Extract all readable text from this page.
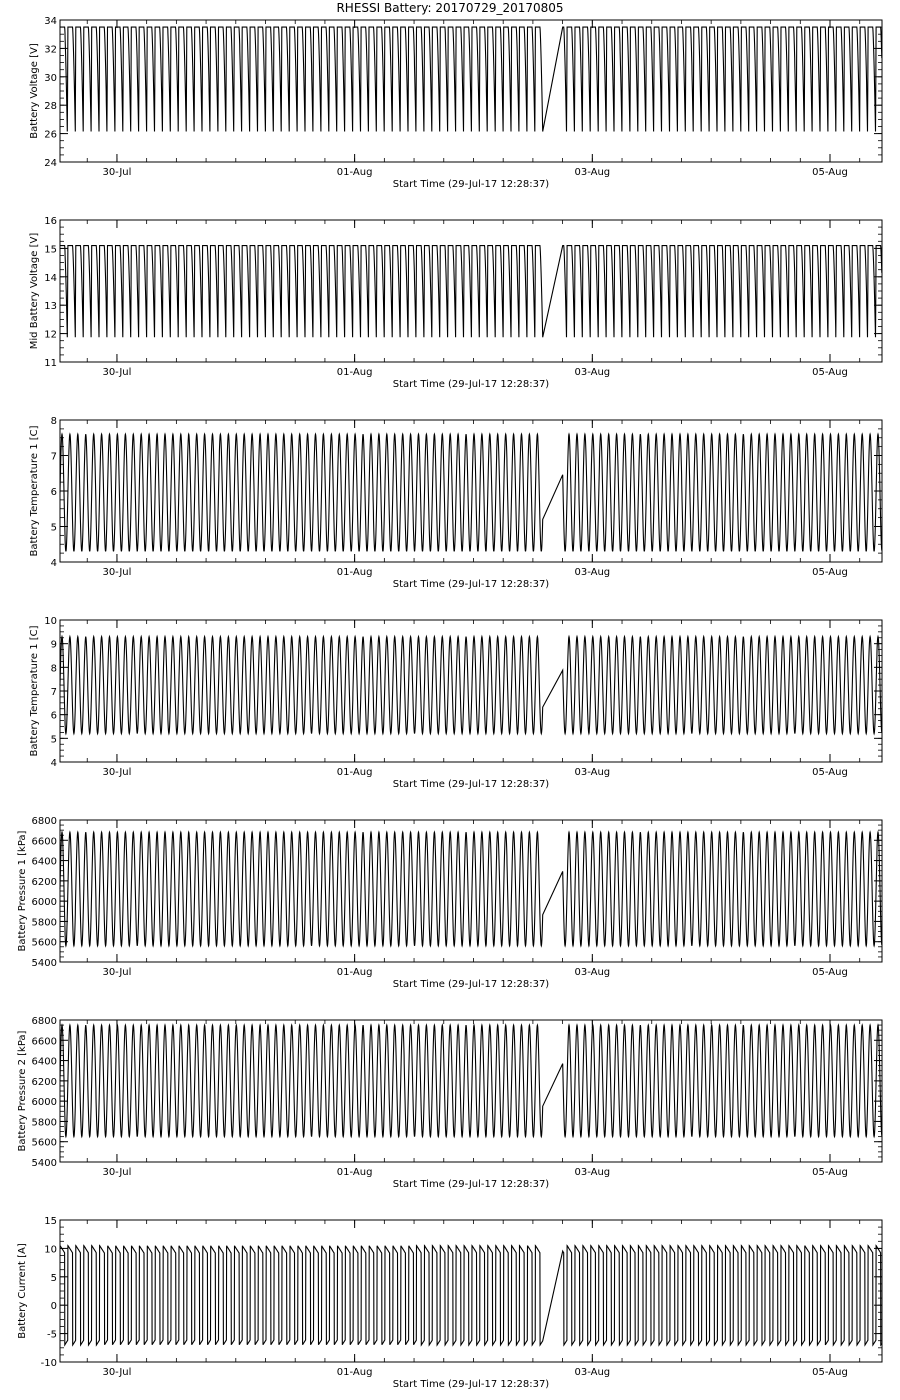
RHESSI Battery: 20170729_20170805
24
26
28
30
32
34
30-Jul	01-Aug	03-Aug	05-Aug
Start Time (29-Jul-17 12:28:37)
Battery Voltage [V]
11
12
13
14
15
16
30-Jul	01-Aug	03-Aug	05-Aug
Start Time (29-Jul-17 12:28:37)
Mid Battery Voltage [V]
4
5
6
7
8
30-Jul	01-Aug	03-Aug	05-Aug
Start Time (29-Jul-17 12:28:37)
Battery Temperature 1 [C]
4
5
6
7
8
9
10
30-Jul	01-Aug	03-Aug	05-Aug
Start Time (29-Jul-17 12:28:37)
Battery Temperature 1 [C]
5400
5600
5800
6000
6200
6400
6600
6800
30-Jul	01-Aug	03-Aug	05-Aug
Start Time (29-Jul-17 12:28:37)
Battery Pressure 1 [kPa]
5400
5600
5800
6000
6200
6400
6600
6800
30-Jul	01-Aug	03-Aug	05-Aug
Start Time (29-Jul-17 12:28:37)
Battery Pressure 2 [kPa]
-10
-5
0
5
10
15
30-Jul	01-Aug	03-Aug	05-Aug
Start Time (29-Jul-17 12:28:37)
Battery Current [A]
